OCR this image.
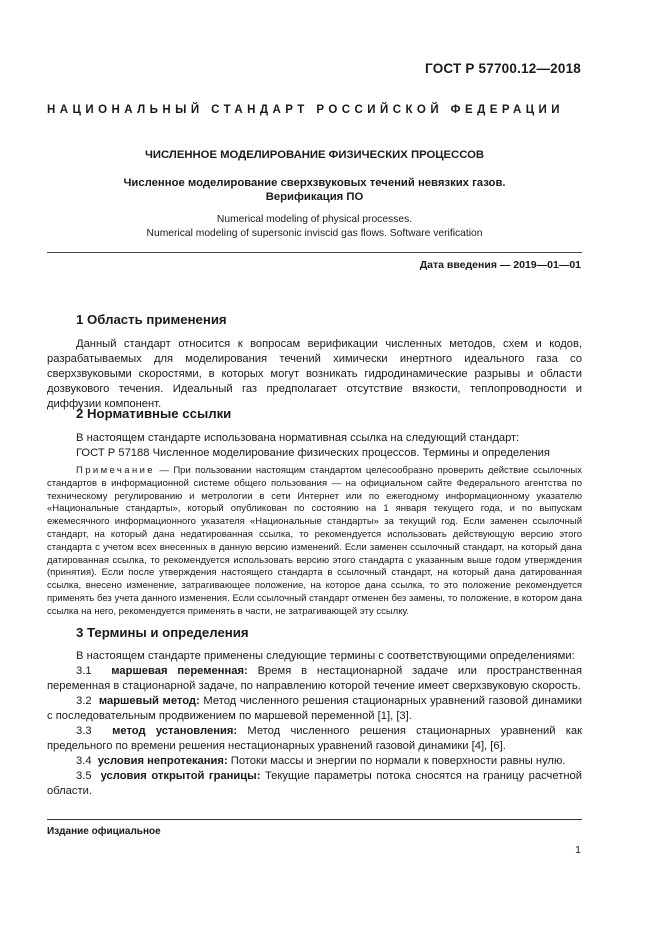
ГОСТ Р 57700.12—2018
НАЦИОНАЛЬНЫЙ СТАНДАРТ РОССИЙСКОЙ ФЕДЕРАЦИИ
ЧИСЛЕННОЕ МОДЕЛИРОВАНИЕ ФИЗИЧЕСКИХ ПРОЦЕССОВ
Численное моделирование сверхзвуковых течений невязких газов.
Верификация ПО
Numerical modeling of physical processes.
Numerical modeling of supersonic inviscid gas flows. Software verification
Дата введения — 2019—01—01
1 Область применения
Данный стандарт относится к вопросам верификации численных методов, схем и кодов, разрабатываемых для моделирования течений химически инертного идеального газа со сверхзвуковыми скоростями, в которых могут возникать гидродинамические разрывы и области дозвукового течения. Идеальный газ предполагает отсутствие вязкости, теплопроводности и диффузии компонент.
2 Нормативные ссылки
В настоящем стандарте использована нормативная ссылка на следующий стандарт:
ГОСТ Р 57188 Численное моделирование физических процессов. Термины и определения
Примечание — При пользовании настоящим стандартом целесообразно проверить действие ссылочных стандартов в информационной системе общего пользования — на официальном сайте Федерального агентства по техническому регулированию и метрологии в сети Интернет или по ежегодному информационному указателю «Национальные стандарты», который опубликован по состоянию на 1 января текущего года, и по выпускам ежемесячного информационного указателя «Национальные стандарты» за текущий год. Если заменен ссылочный стандарт, на который дана недатированная ссылка, то рекомендуется использовать действующую версию этого стандарта с учетом всех внесенных в данную версию изменений. Если заменен ссылочный стандарт, на который дана датированная ссылка, то рекомендуется использовать версию этого стандарта с указанным выше годом утверждения (принятия). Если после утверждения настоящего стандарта в ссылочный стандарт, на который дана датированная ссылка, внесено изменение, затрагивающее положение, на которое дана ссылка, то это положение рекомендуется применять без учета данного изменения. Если ссылочный стандарт отменен без замены, то положение, в котором дана ссылка на него, рекомендуется применять в части, не затрагивающей эту ссылку.
3 Термины и определения
В настоящем стандарте применены следующие термины с соответствующими определениями:
3.1 маршевая переменная: Время в нестационарной задаче или пространственная переменная в стационарной задаче, по направлению которой течение имеет сверхзвуковую скорость.
3.2 маршевый метод: Метод численного решения стационарных уравнений газовой динамики с последовательным продвижением по маршевой переменной [1], [3].
3.3 метод установления: Метод численного решения стационарных уравнений как предельного по времени решения нестационарных уравнений газовой динамики [4], [6].
3.4 условия непротекания: Потоки массы и энергии по нормали к поверхности равны нулю.
3.5 условия открытой границы: Текущие параметры потока сносятся на границу расчетной области.
Издание официальное
1
